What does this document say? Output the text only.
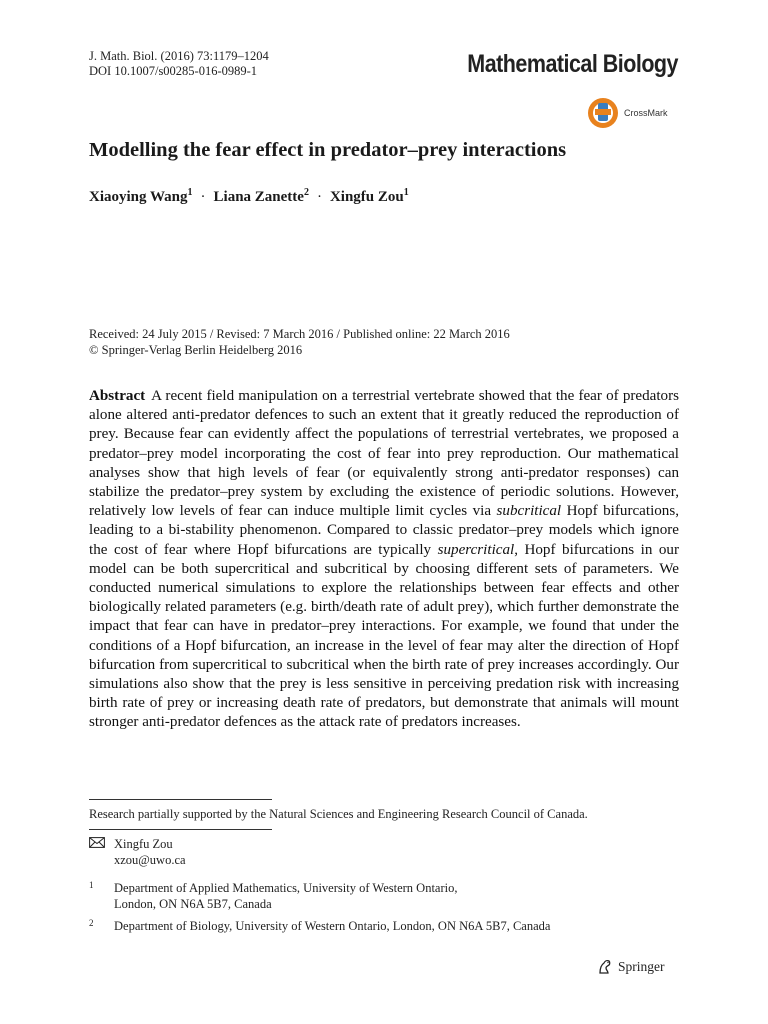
J. Math. Biol. (2016) 73:1179–1204
DOI 10.1007/s00285-016-0989-1	Mathematical Biology
CrossMark
Modelling the fear effect in predator–prey interactions
Xiaoying Wang$^1$ · Liana Zanette$^2$ · Xingfu Zou$^1$
Received: 24 July 2015 / Revised: 7 March 2016 / Published online: 22 March 2016
© Springer-Verlag Berlin Heidelberg 2016
Abstract A recent field manipulation on a terrestrial vertebrate showed that the fear of predators alone altered anti-predator defences to such an extent that it greatly reduced the reproduction of prey. Because fear can evidently affect the populations of terrestrial vertebrates, we proposed a predator–prey model incorporating the cost of fear into prey reproduction. Our mathematical analyses show that high levels of fear (or equivalently strong anti-predator responses) can stabilize the predator–prey system by excluding the existence of periodic solutions. However, relatively low levels of fear can induce multiple limit cycles via subcritical Hopf bifurcations, leading to a bi-stability phenomenon. Compared to classic predator–prey models which ignore the cost of fear where Hopf bifurcations are typically supercritical, Hopf bifurcations in our model can be both supercritical and subcritical by choosing different sets of parameters. We conducted numerical simulations to explore the relationships between fear effects and other biologically related parameters (e.g. birth/death rate of adult prey), which further demonstrate the impact that fear can have in predator–prey interactions. For example, we found that under the conditions of a Hopf bifurcation, an increase in the level of fear may alter the direction of Hopf bifurcation from supercritical to subcritical when the birth rate of prey increases accordingly. Our simulations also show that the prey is less sensitive in perceiving predation risk with increasing birth rate of prey or increasing death rate of predators, but demonstrate that animals will mount stronger anti-predator defences as the attack rate of predators increases.
Research partially supported by the Natural Sciences and Engineering Research Council of Canada.
Xingfu Zou
xzou@uwo.ca
1	Department of Applied Mathematics, University of Western Ontario,
London, ON N6A 5B7, Canada
2	Department of Biology, University of Western Ontario, London, ON N6A 5B7, Canada
Springer
